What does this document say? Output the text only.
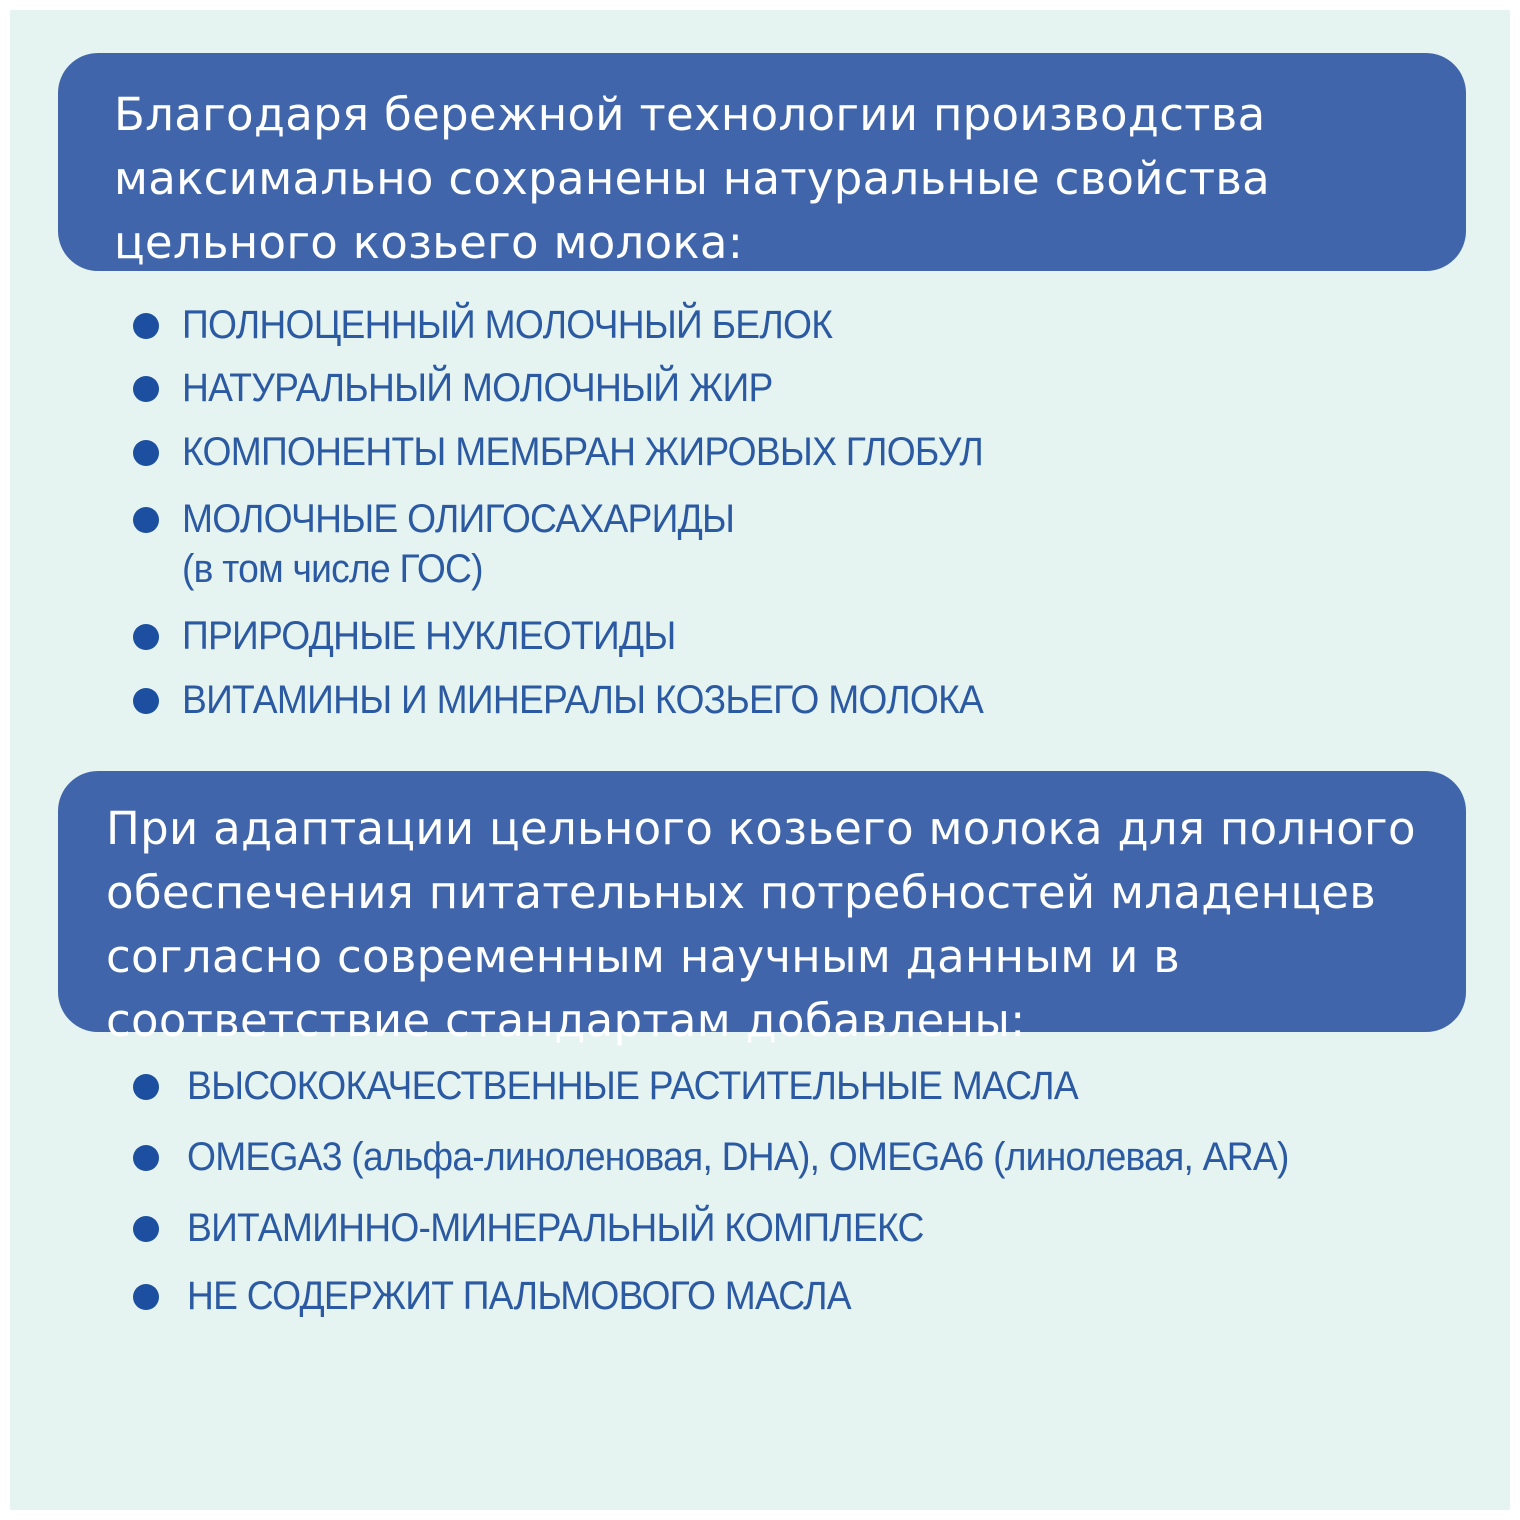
Благодаря бережной технологии производства
максимально сохранены натуральные свойства
цельного козьего молока:

ПОЛНОЦЕННЫЙ МОЛОЧНЫЙ БЕЛОК
НАТУРАЛЬНЫЙ МОЛОЧНЫЙ ЖИР
КОМПОНЕНТЫ МЕМБРАН ЖИРОВЫХ ГЛОБУЛ
МОЛОЧНЫЕ ОЛИГОСАХАРИДЫ
(в том числе ГОС)
ПРИРОДНЫЕ НУКЛЕОТИДЫ
ВИТАМИНЫ И МИНЕРАЛЫ КОЗЬЕГО МОЛОКА

При адаптации цельного козьего молока для полного
обеспечения питательных потребностей младенцев
согласно современным научным данным и в
соответствие стандартам добавлены:

ВЫСОКОКАЧЕСТВЕННЫЕ РАСТИТЕЛЬНЫЕ МАСЛА
OMEGA3 (альфа-линоленовая, DHA), OMEGA6 (линолевая, ARA)
ВИТАМИННО-МИНЕРАЛЬНЫЙ КОМПЛЕКС
НЕ СОДЕРЖИТ ПАЛЬМОВОГО МАСЛА
